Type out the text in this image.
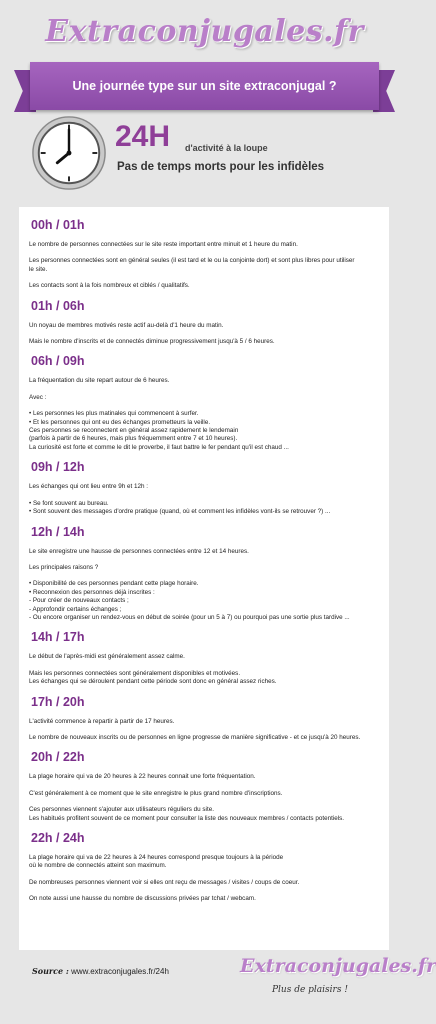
Extraconjugales.fr
Une journée type sur un site extraconjugal ?
24H d'activité à la loupe
Pas de temps morts pour les infidèles
00h / 01h

Le nombre de personnes connectées sur le site reste important entre minuit et 1 heure du matin.

Les personnes connectées sont en général seules (il est tard et le ou la conjointe dort) et sont plus libres pour utiliser
le site.

Les contacts sont à la fois nombreux et ciblés / qualitatifs.

01h / 06h

Un noyau de membres motivés reste actif au-delà d'1 heure du matin.

Mais le nombre d'inscrits et de connectés diminue progressivement jusqu'à 5 / 6 heures.

06h / 09h

La fréquentation du site repart autour de 6 heures.

Avec :

• Les personnes les plus matinales qui commencent à surfer.
• Et les personnes qui ont eu des échanges prometteurs la veille.
Ces personnes se reconnectent en général assez rapidement le lendemain
(parfois à partir de 6 heures, mais plus fréquemment entre 7 et 10 heures).
La curiosité est forte et comme le dit le proverbe, il faut battre le fer pendant qu'il est chaud ...

09h / 12h

Les échanges qui ont lieu entre 9h et 12h :

• Se font souvent au bureau.
• Sont souvent des messages d'ordre pratique (quand, où et comment les infidèles vont-ils se retrouver ?) ...

12h / 14h

Le site enregistre une hausse de personnes connectées entre 12 et 14 heures.

Les principales raisons ?

• Disponibilité de ces personnes pendant cette plage horaire.
• Reconnexion des personnes déjà inscrites :
- Pour créer de nouveaux contacts ;
- Approfondir certains échanges ;
- Ou encore organiser un rendez-vous en début de soirée (pour un 5 à 7) ou pourquoi pas une sortie plus tardive ...

14h / 17h

Le début de l'après-midi est généralement assez calme.

Mais les personnes connectées sont généralement disponibles et motivées.
Les échanges qui se déroulent pendant cette période sont donc en général assez riches.

17h / 20h

L'activité commence à repartir à partir de 17 heures.

Le nombre de nouveaux inscrits ou de personnes en ligne progresse de manière significative - et ce jusqu'à 20 heures.

20h / 22h

La plage horaire qui va de 20 heures à 22 heures connait une forte fréquentation.

C'est généralement à ce moment que le site enregistre le plus grand nombre d'inscriptions.

Ces personnes viennent s'ajouter aux utilisateurs réguliers du site.
Les habitués profitent souvent de ce moment pour consulter la liste des nouveaux membres / contacts potentiels.

22h / 24h

La plage horaire qui va de 22 heures à 24 heures correspond presque toujours à la période
où le nombre de connectés atteint son maximum.

De nombreuses personnes viennent voir si elles ont reçu de messages / visites / coups de coeur.

On note aussi une hausse du nombre de discussions privées par tchat / webcam.

Source : www.extraconjugales.fr/24h	Extraconjugales.fr
Plus de plaisirs !
